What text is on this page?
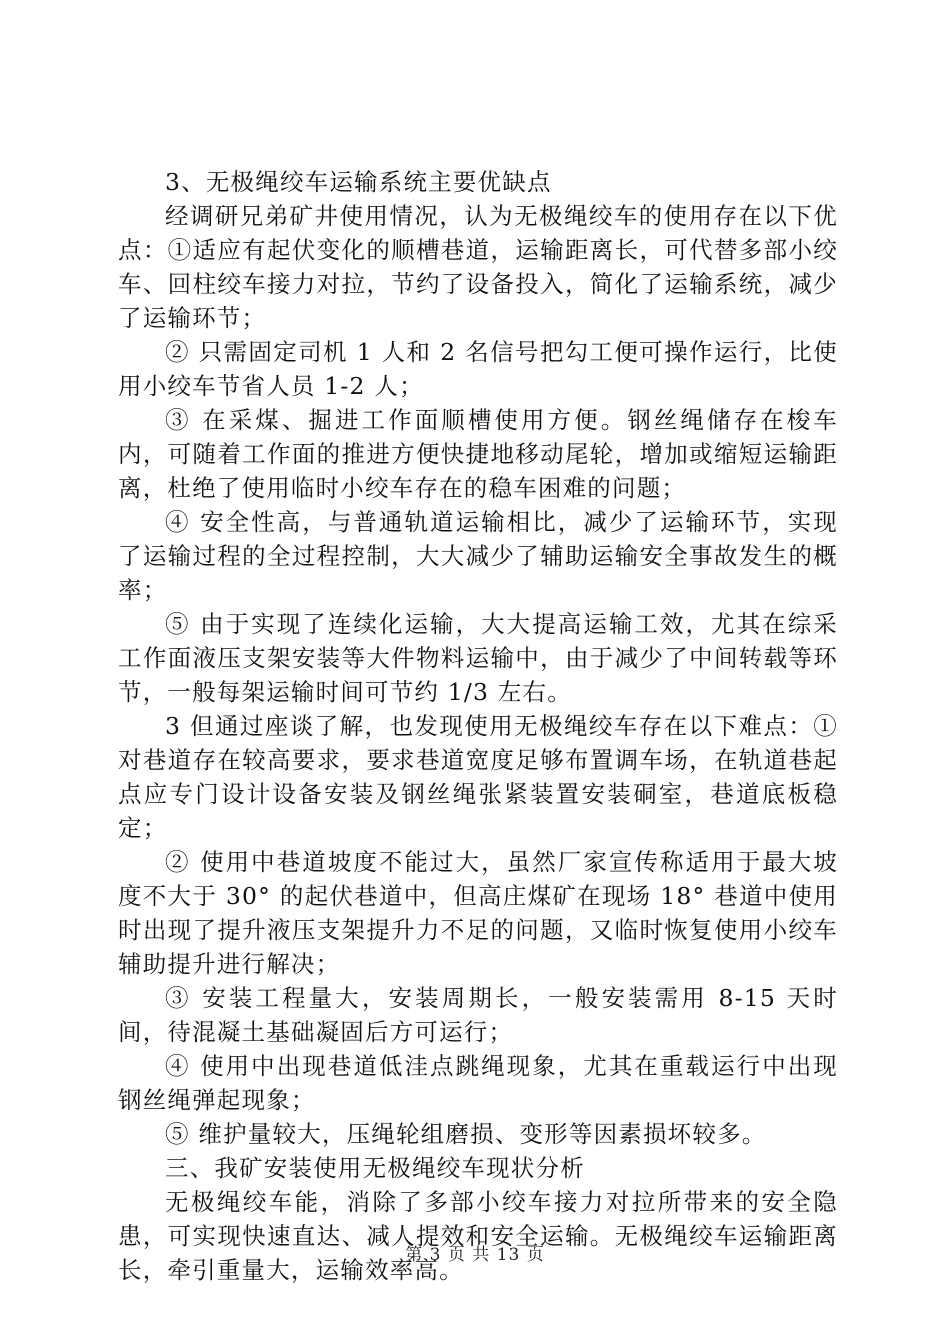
3、无极绳绞车运输系统主要优缺点

经调研兄弟矿井使用情况，认为无极绳绞车的使用存在以下优点：①适应有起伏变化的顺槽巷道，运输距离长，可代替多部小绞车、回柱绞车接力对拉，节约了设备投入，简化了运输系统，减少了运输环节；

② 只需固定司机 1 人和 2 名信号把勾工便可操作运行，比使用小绞车节省人员 1-2 人；

③ 在采煤、掘进工作面顺槽使用方便。钢丝绳储存在梭车内，可随着工作面的推进方便快捷地移动尾轮，增加或缩短运输距离，杜绝了使用临时小绞车存在的稳车困难的问题；

④ 安全性高，与普通轨道运输相比，减少了运输环节，实现了运输过程的全过程控制，大大减少了辅助运输安全事故发生的概率；

⑤ 由于实现了连续化运输，大大提高运输工效，尤其在综采工作面液压支架安装等大件物料运输中，由于减少了中间转载等环节，一般每架运输时间可节约 1/3 左右。

3 但通过座谈了解，也发现使用无极绳绞车存在以下难点：①对巷道存在较高要求，要求巷道宽度足够布置调车场，在轨道巷起点应专门设计设备安装及钢丝绳张紧装置安装硐室，巷道底板稳定；

② 使用中巷道坡度不能过大，虽然厂家宣传称适用于最大坡度不大于 30° 的起伏巷道中，但高庄煤矿在现场 18° 巷道中使用时出现了提升液压支架提升力不足的问题，又临时恢复使用小绞车辅助提升进行解决；

③ 安装工程量大，安装周期长，一般安装需用 8-15 天时间，待混凝土基础凝固后方可运行；

④ 使用中出现巷道低洼点跳绳现象，尤其在重载运行中出现钢丝绳弹起现象；

⑤ 维护量较大，压绳轮组磨损、变形等因素损坏较多。

三、我矿安装使用无极绳绞车现状分析

无极绳绞车能，消除了多部小绞车接力对拉所带来的安全隐患，可实现快速直达、减人提效和安全运输。无极绳绞车运输距离长，牵引重量大，运输效率高。

第 3 页 共 13 页
